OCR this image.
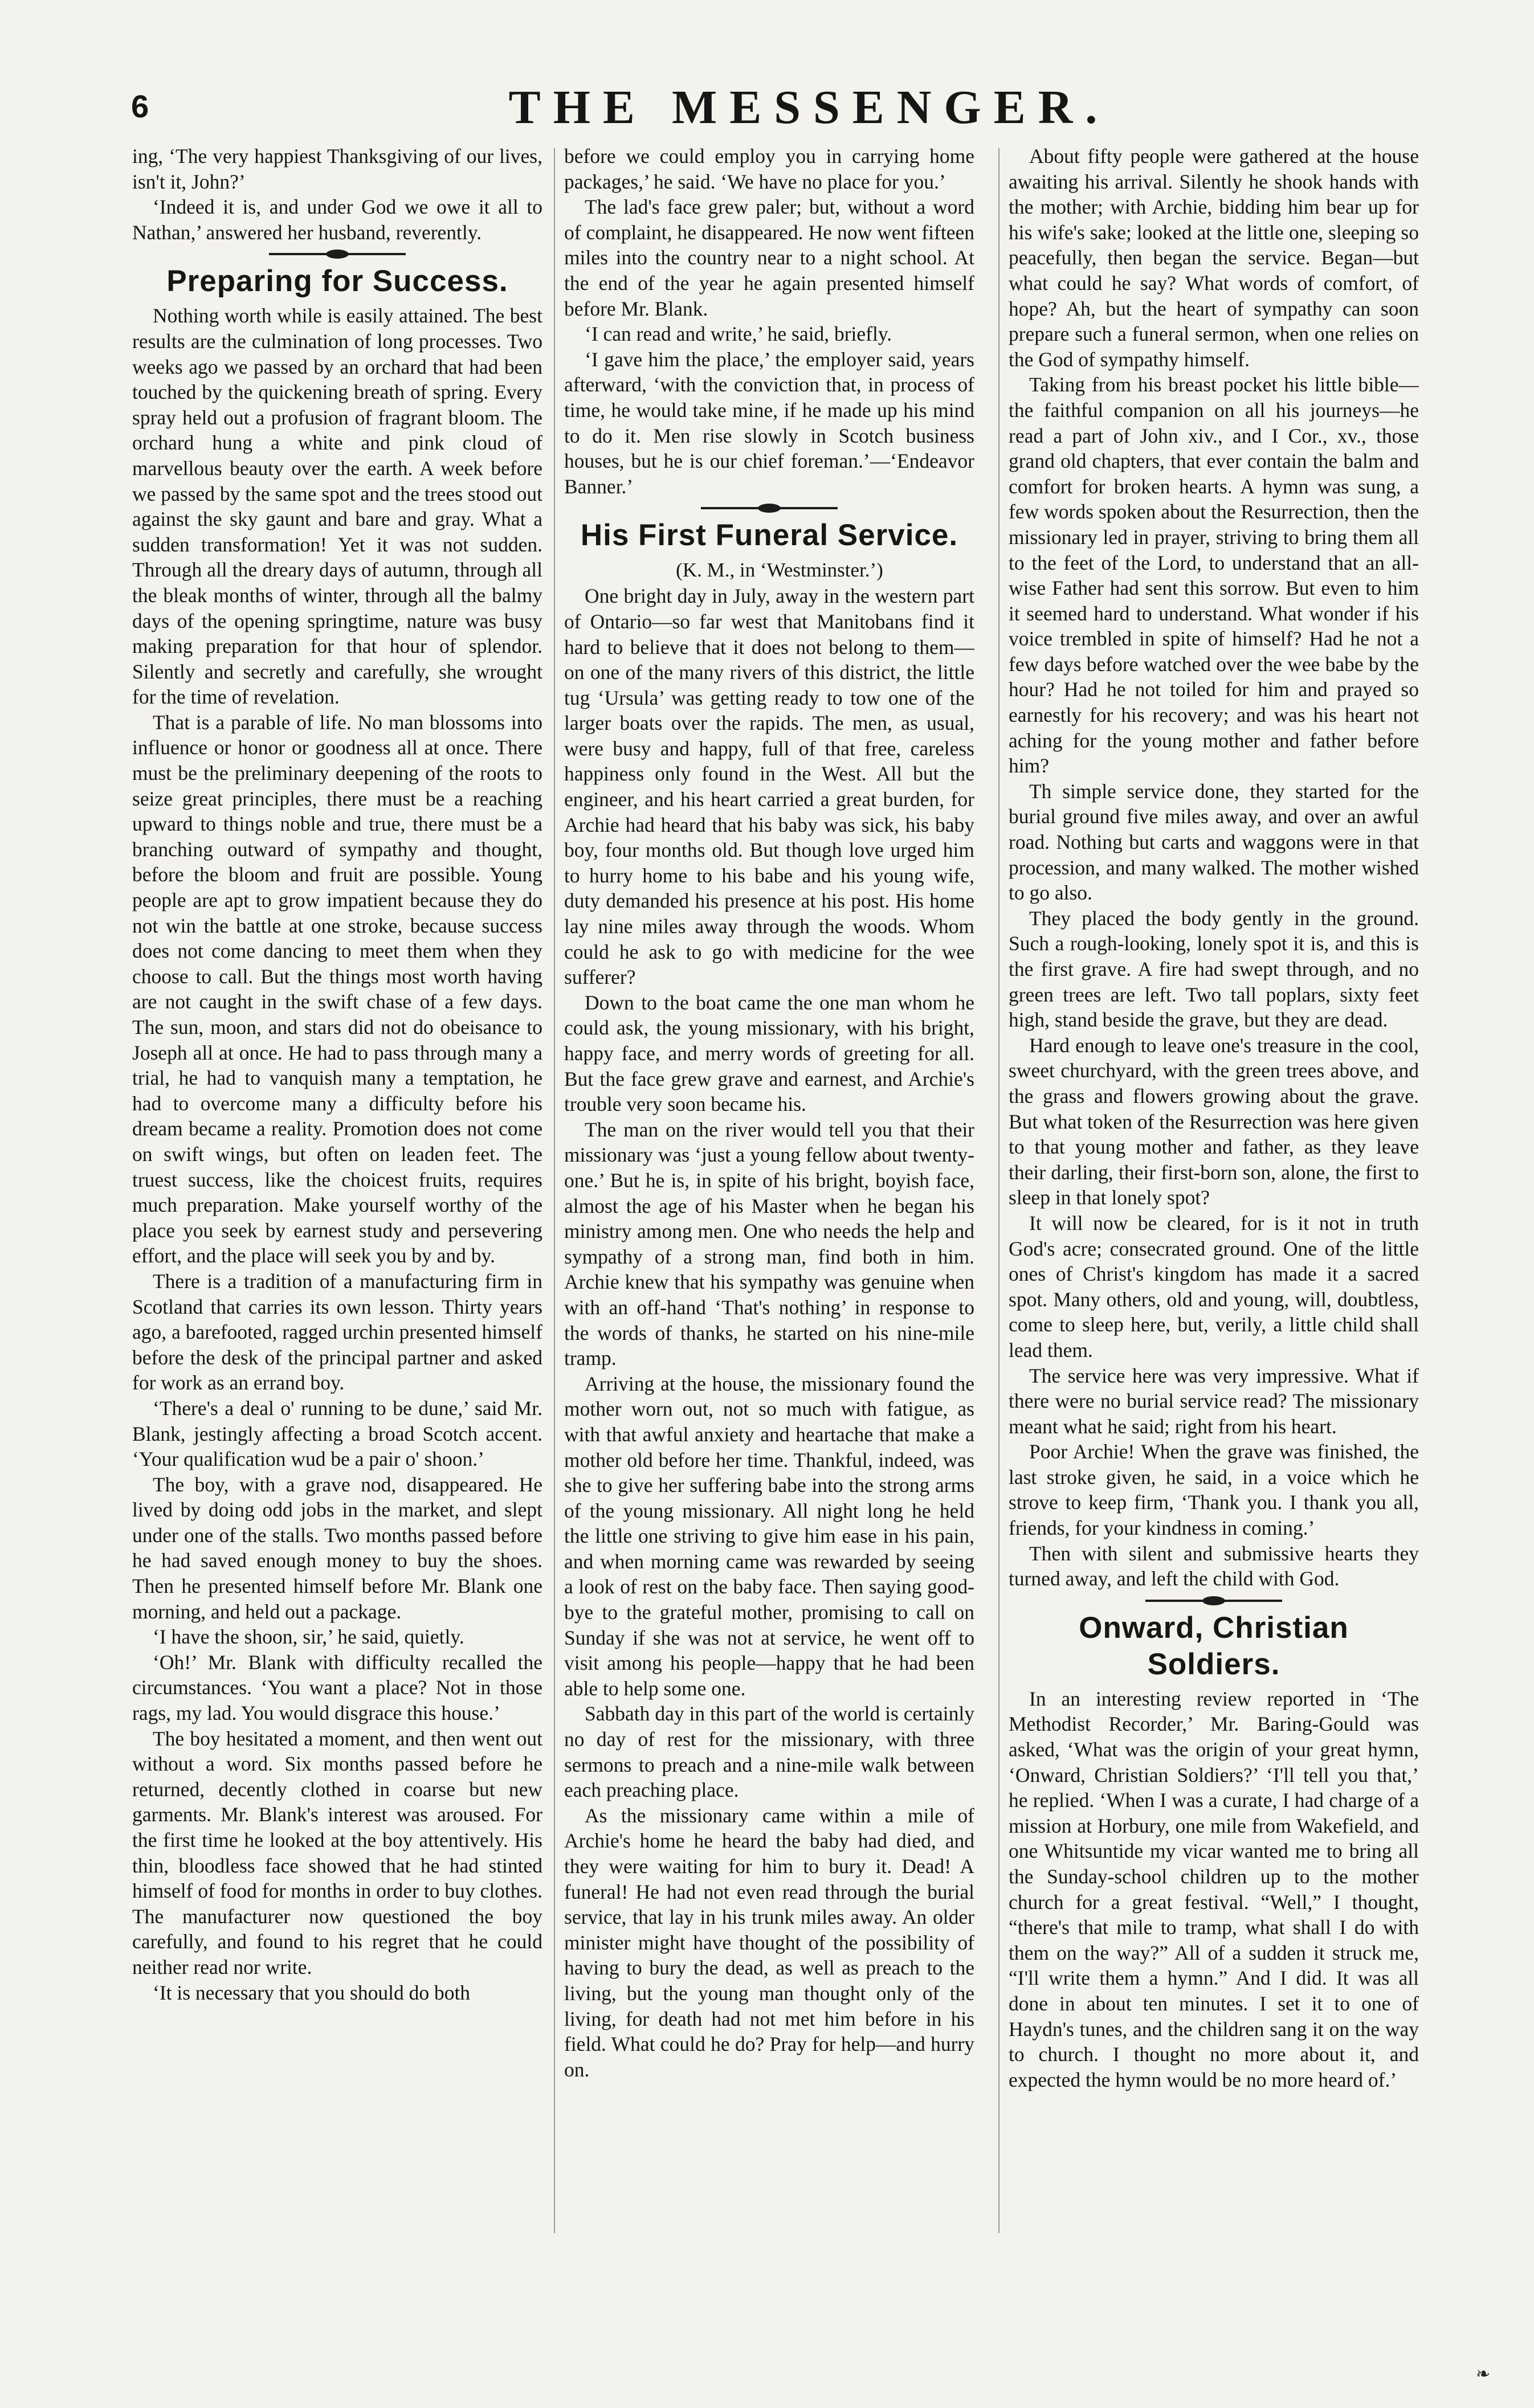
6	THE MESSENGER.

ing, ‘The very happiest Thanksgiving of our lives, isn't it, John?’

‘Indeed it is, and under God we owe it all to Nathan,’ answered her husband, reverently.

Preparing for Success.

Nothing worth while is easily attained. The best results are the culmination of long processes. Two weeks ago we passed by an orchard that had been touched by the quickening breath of spring. Every spray held out a profusion of fragrant bloom. The orchard hung a white and pink cloud of marvellous beauty over the earth. A week before we passed by the same spot and the trees stood out against the sky gaunt and bare and gray. What a sudden transformation! Yet it was not sudden. Through all the dreary days of autumn, through all the bleak months of winter, through all the balmy days of the opening springtime, nature was busy making preparation for that hour of splendor. Silently and secretly and carefully, she wrought for the time of revelation.

That is a parable of life. No man blossoms into influence or honor or goodness all at once. There must be the preliminary deepening of the roots to seize great principles, there must be a reaching upward to things noble and true, there must be a branching outward of sympathy and thought, before the bloom and fruit are possible. Young people are apt to grow impatient because they do not win the battle at one stroke, because success does not come dancing to meet them when they choose to call. But the things most worth having are not caught in the swift chase of a few days. The sun, moon, and stars did not do obeisance to Joseph all at once. He had to pass through many a trial, he had to vanquish many a temptation, he had to overcome many a difficulty before his dream became a reality. Promotion does not come on swift wings, but often on leaden feet. The truest success, like the choicest fruits, requires much preparation. Make yourself worthy of the place you seek by earnest study and persevering effort, and the place will seek you by and by.

There is a tradition of a manufacturing firm in Scotland that carries its own lesson. Thirty years ago, a barefooted, ragged urchin presented himself before the desk of the principal partner and asked for work as an errand boy.

‘There's a deal o' running to be dune,’ said Mr. Blank, jestingly affecting a broad Scotch accent. ‘Your qualification wud be a pair o' shoon.’

The boy, with a grave nod, disappeared. He lived by doing odd jobs in the market, and slept under one of the stalls. Two months passed before he had saved enough money to buy the shoes. Then he presented himself before Mr. Blank one morning, and held out a package.

‘I have the shoon, sir,’ he said, quietly.

‘Oh!’ Mr. Blank with difficulty recalled the circumstances. ‘You want a place? Not in those rags, my lad. You would disgrace this house.’

The boy hesitated a moment, and then went out without a word. Six months passed before he returned, decently clothed in coarse but new garments. Mr. Blank's interest was aroused. For the first time he looked at the boy attentively. His thin, bloodless face showed that he had stinted himself of food for months in order to buy clothes. The manufacturer now questioned the boy carefully, and found to his regret that he could neither read nor write.

‘It is necessary that you should do both

before we could employ you in carrying home packages,’ he said. ‘We have no place for you.’

The lad's face grew paler; but, without a word of complaint, he disappeared. He now went fifteen miles into the country near to a night school. At the end of the year he again presented himself before Mr. Blank.

‘I can read and write,’ he said, briefly.

‘I gave him the place,’ the employer said, years afterward, ‘with the conviction that, in process of time, he would take mine, if he made up his mind to do it. Men rise slowly in Scotch business houses, but he is our chief foreman.’—‘Endeavor Banner.’

His First Funeral Service.

(K. M., in ‘Westminster.’)

One bright day in July, away in the western part of Ontario—so far west that Manitobans find it hard to believe that it does not belong to them—on one of the many rivers of this district, the little tug ‘Ursula’ was getting ready to tow one of the larger boats over the rapids. The men, as usual, were busy and happy, full of that free, careless happiness only found in the West. All but the engineer, and his heart carried a great burden, for Archie had heard that his baby was sick, his baby boy, four months old. But though love urged him to hurry home to his babe and his young wife, duty demanded his presence at his post. His home lay nine miles away through the woods. Whom could he ask to go with medicine for the wee sufferer?

Down to the boat came the one man whom he could ask, the young missionary, with his bright, happy face, and merry words of greeting for all. But the face grew grave and earnest, and Archie's trouble very soon became his.

The man on the river would tell you that their missionary was ‘just a young fellow about twenty-one.’ But he is, in spite of his bright, boyish face, almost the age of his Master when he began his ministry among men. One who needs the help and sympathy of a strong man, find both in him. Archie knew that his sympathy was genuine when with an off-hand ‘That's nothing’ in response to the words of thanks, he started on his nine-mile tramp.

Arriving at the house, the missionary found the mother worn out, not so much with fatigue, as with that awful anxiety and heartache that make a mother old before her time. Thankful, indeed, was she to give her suffering babe into the strong arms of the young missionary. All night long he held the little one striving to give him ease in his pain, and when morning came was rewarded by seeing a look of rest on the baby face. Then saying good-bye to the grateful mother, promising to call on Sunday if she was not at service, he went off to visit among his people—happy that he had been able to help some one.

Sabbath day in this part of the world is certainly no day of rest for the missionary, with three sermons to preach and a nine-mile walk between each preaching place.

As the missionary came within a mile of Archie's home he heard the baby had died, and they were waiting for him to bury it. Dead! A funeral! He had not even read through the burial service, that lay in his trunk miles away. An older minister might have thought of the possibility of having to bury the dead, as well as preach to the living, but the young man thought only of the living, for death had not met him before in his field. What could he do? Pray for help—and hurry on.

About fifty people were gathered at the house awaiting his arrival. Silently he shook hands with the mother; with Archie, bidding him bear up for his wife's sake; looked at the little one, sleeping so peacefully, then began the service. Began—but what could he say? What words of comfort, of hope? Ah, but the heart of sympathy can soon prepare such a funeral sermon, when one relies on the God of sympathy himself.

Taking from his breast pocket his little bible—the faithful companion on all his journeys—he read a part of John xiv., and I Cor., xv., those grand old chapters, that ever contain the balm and comfort for broken hearts. A hymn was sung, a few words spoken about the Resurrection, then the missionary led in prayer, striving to bring them all to the feet of the Lord, to understand that an all-wise Father had sent this sorrow. But even to him it seemed hard to understand. What wonder if his voice trembled in spite of himself? Had he not a few days before watched over the wee babe by the hour? Had he not toiled for him and prayed so earnestly for his recovery; and was his heart not aching for the young mother and father before him?

Th simple service done, they started for the burial ground five miles away, and over an awful road. Nothing but carts and waggons were in that procession, and many walked. The mother wished to go also.

They placed the body gently in the ground. Such a rough-looking, lonely spot it is, and this is the first grave. A fire had swept through, and no green trees are left. Two tall poplars, sixty feet high, stand beside the grave, but they are dead.

Hard enough to leave one's treasure in the cool, sweet churchyard, with the green trees above, and the grass and flowers growing about the grave. But what token of the Resurrection was here given to that young mother and father, as they leave their darling, their first-born son, alone, the first to sleep in that lonely spot?

It will now be cleared, for is it not in truth God's acre; consecrated ground. One of the little ones of Christ's kingdom has made it a sacred spot. Many others, old and young, will, doubtless, come to sleep here, but, verily, a little child shall lead them.

The service here was very impressive. What if there were no burial service read? The missionary meant what he said; right from his heart.

Poor Archie! When the grave was finished, the last stroke given, he said, in a voice which he strove to keep firm, ‘Thank you. I thank you all, friends, for your kindness in coming.’

Then with silent and submissive hearts they turned away, and left the child with God.

Onward, Christian Soldiers.

In an interesting review reported in ‘The Methodist Recorder,’ Mr. Baring-Gould was asked, ‘What was the origin of your great hymn, ‘Onward, Christian Soldiers?’ ‘I'll tell you that,’ he replied. ‘When I was a curate, I had charge of a mission at Horbury, one mile from Wakefield, and one Whitsuntide my vicar wanted me to bring all the Sunday-school children up to the mother church for a great festival. “Well,” I thought, “there's that mile to tramp, what shall I do with them on the way?” All of a sudden it struck me, “I'll write them a hymn.” And I did. It was all done in about ten minutes. I set it to one of Haydn's tunes, and the children sang it on the way to church. I thought no more about it, and expected the hymn would be no more heard of.’

❧
